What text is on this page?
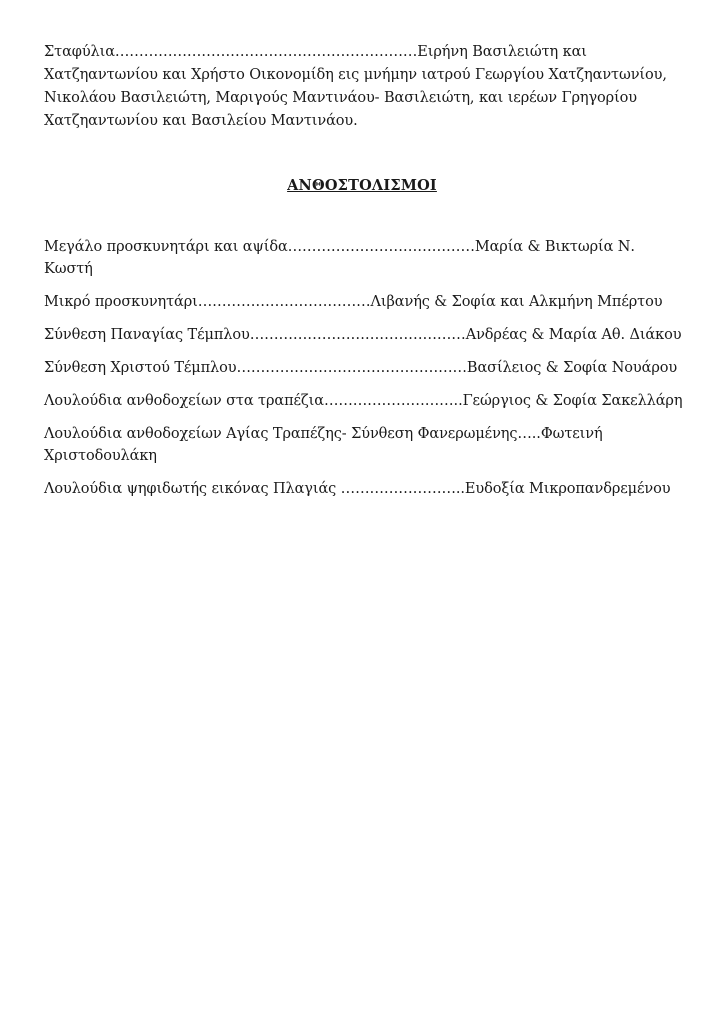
Σταφύλια………………………………………………………Ειρήνη Βασιλειώτη και Χατζηαντωνίου και Χρήστο Οικονομίδη εις μνήμην ιατρού Γεωργίου Χατζηαντωνίου, Νικολάου Βασιλειώτη, Μαριγούς Μαντινάου- Βασιλειώτη, και ιερέων Γρηγορίου Χατζηαντωνίου και Βασιλείου Μαντινάου.

ΑΝΘΟΣΤΟΛΙΣΜΟΙ
Μεγάλο προσκυνητάρι και αψίδα…………………………………Μαρία & Βικτωρία Ν. Κωστή
Μικρό προσκυνητάρι………………………………Λιβανής & Σοφία και Αλκμήνη Μπέρτου
Σύνθεση Παναγίας Τέμπλου………………………………………Ανδρέας & Μαρία Αθ. Διάκου
Σύνθεση Χριστού Τέμπλου…………………………………………Βασίλειος & Σοφία Νουάρου
Λουλούδια ανθοδοχείων στα τραπέζια………………………..Γεώργιος & Σοφία Σακελλάρη
Λουλούδια ανθοδοχείων Αγίας Τραπέζης- Σύνθεση Φανερωμένης…..Φωτεινή Χριστοδουλάκη
Λουλούδια ψηφιδωτής εικόνας Πλαγιάς ……………………..Ευδοξία Μικροπανδρεμένου
